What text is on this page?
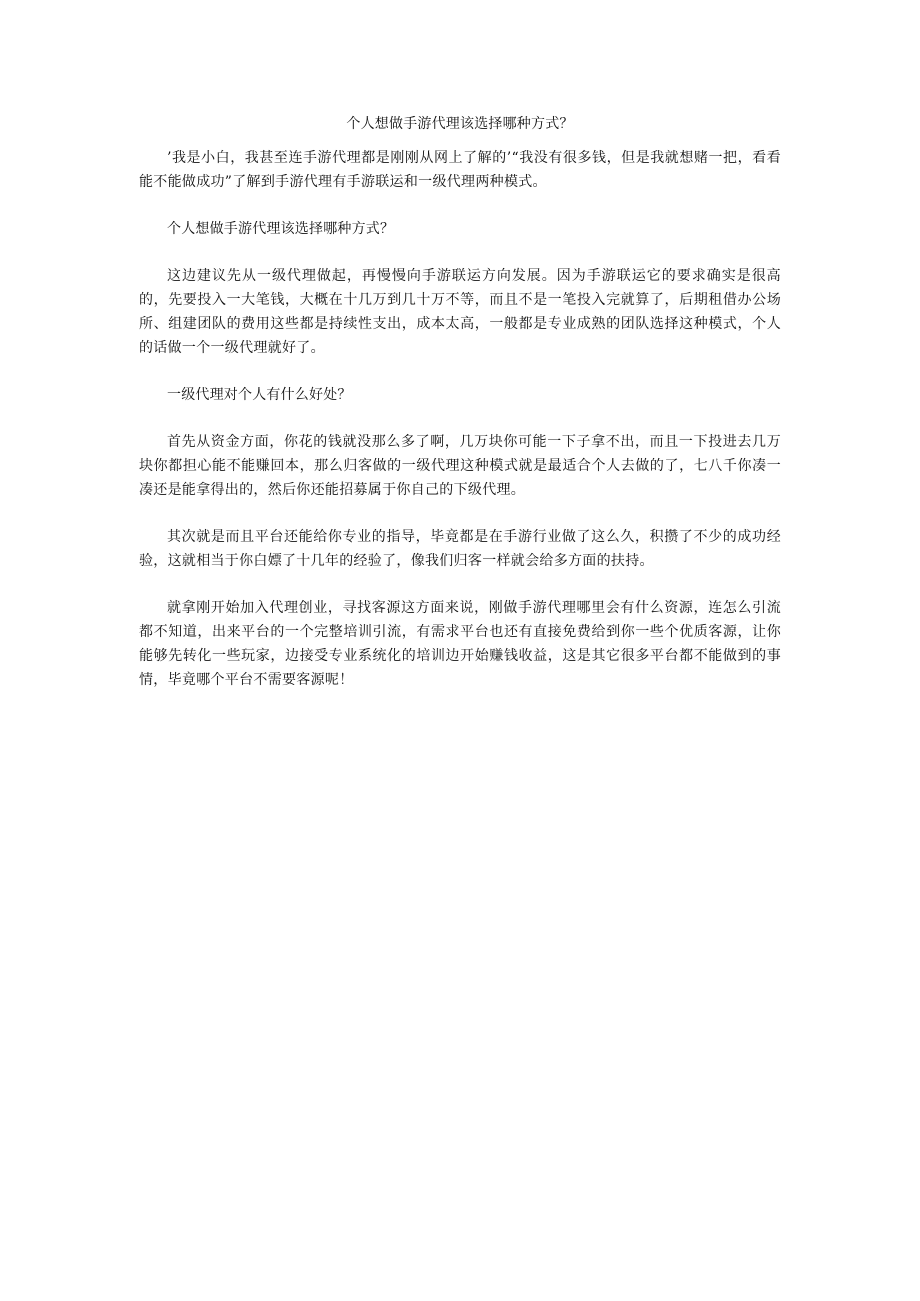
个人想做手游代理该选择哪种方式？

’我是小白，我甚至连手游代理都是刚刚从网上了解的’“我没有很多钱，但是我就想赌一把，看看能不能做成功”了解到手游代理有手游联运和一级代理两种模式。

个人想做手游代理该选择哪种方式？

这边建议先从一级代理做起，再慢慢向手游联运方向发展。因为手游联运它的要求确实是很高的，先要投入一大笔钱，大概在十几万到几十万不等，而且不是一笔投入完就算了，后期租借办公场所、组建团队的费用这些都是持续性支出，成本太高，一般都是专业成熟的团队选择这种模式，个人的话做一个一级代理就好了。

一级代理对个人有什么好处？

首先从资金方面，你花的钱就没那么多了啊，几万块你可能一下子拿不出，而且一下投进去几万块你都担心能不能赚回本，那么归客做的一级代理这种模式就是最适合个人去做的了，七八千你凑一凑还是能拿得出的，然后你还能招募属于你自己的下级代理。

其次就是而且平台还能给你专业的指导，毕竟都是在手游行业做了这么久，积攒了不少的成功经验，这就相当于你白嫖了十几年的经验了，像我们归客一样就会给多方面的扶持。

就拿刚开始加入代理创业，寻找客源这方面来说，刚做手游代理哪里会有什么资源，连怎么引流都不知道，出来平台的一个完整培训引流，有需求平台也还有直接免费给到你一些个优质客源，让你能够先转化一些玩家，边接受专业系统化的培训边开始赚钱收益，这是其它很多平台都不能做到的事情，毕竟哪个平台不需要客源呢！
